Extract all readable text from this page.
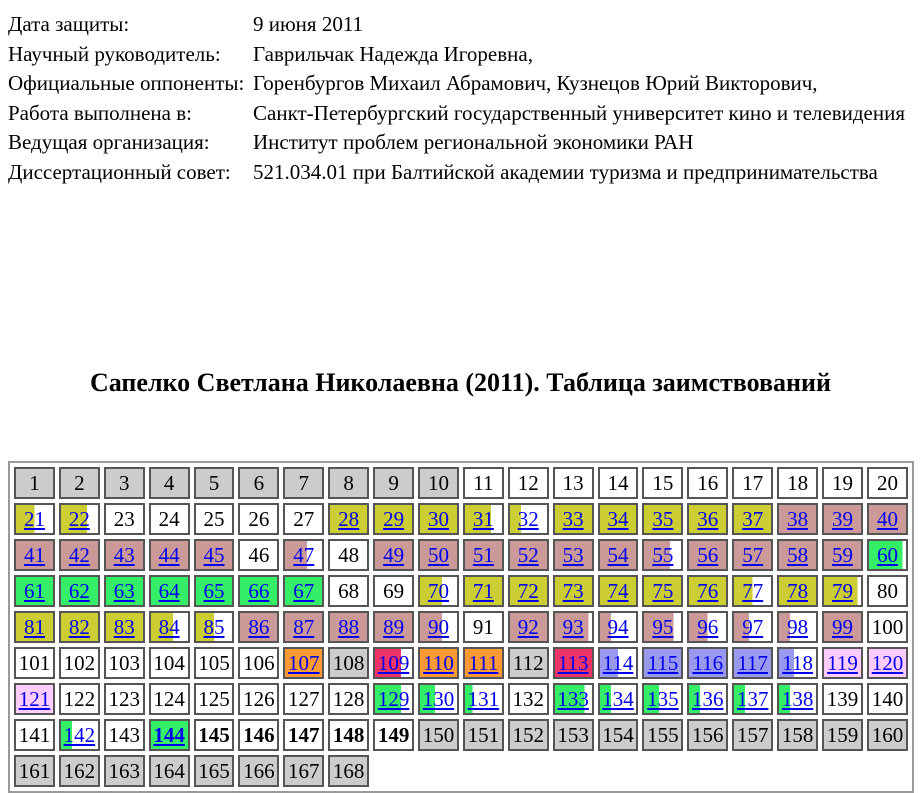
Дата защиты:	9 июня 2011
Научный руководитель:	Гаврильчак Надежда Игоревна,
Официальные оппоненты:	Горенбургов Михаил Абрамович, Кузнецов Юрий Викторович,
Работа выполнена в:	Санкт-Петербургский государственный университет кино и телевидения
Ведущая организация:	Институт проблем региональной экономики РАН
Диссертационный совет:	521.034.01 при Балтийской академии туризма и предпринимательства
Сапелко Светлана Николаевна (2011). Таблица заимствований
1	2	3	4	5	6	7	8	9	10	11	12	13	14	15	16	17	18	19	20
21	22	23	24	25	26	27	28	29	30	31	32	33	34	35	36	37	38	39	40
41	42	43	44	45	46	47	48	49	50	51	52	53	54	55	56	57	58	59	60
61	62	63	64	65	66	67	68	69	70	71	72	73	74	75	76	77	78	79	80
81	82	83	84	85	86	87	88	89	90	91	92	93	94	95	96	97	98	99	100
101	102	103	104	105	106	107	108	109	110	111	112	113	114	115	116	117	118	119	120
121	122	123	124	125	126	127	128	129	130	131	132	133	134	135	136	137	138	139	140
141	142	143	144	145	146	147	148	149	150	151	152	153	154	155	156	157	158	159	160
161	162	163	164	165	166	167	168												
